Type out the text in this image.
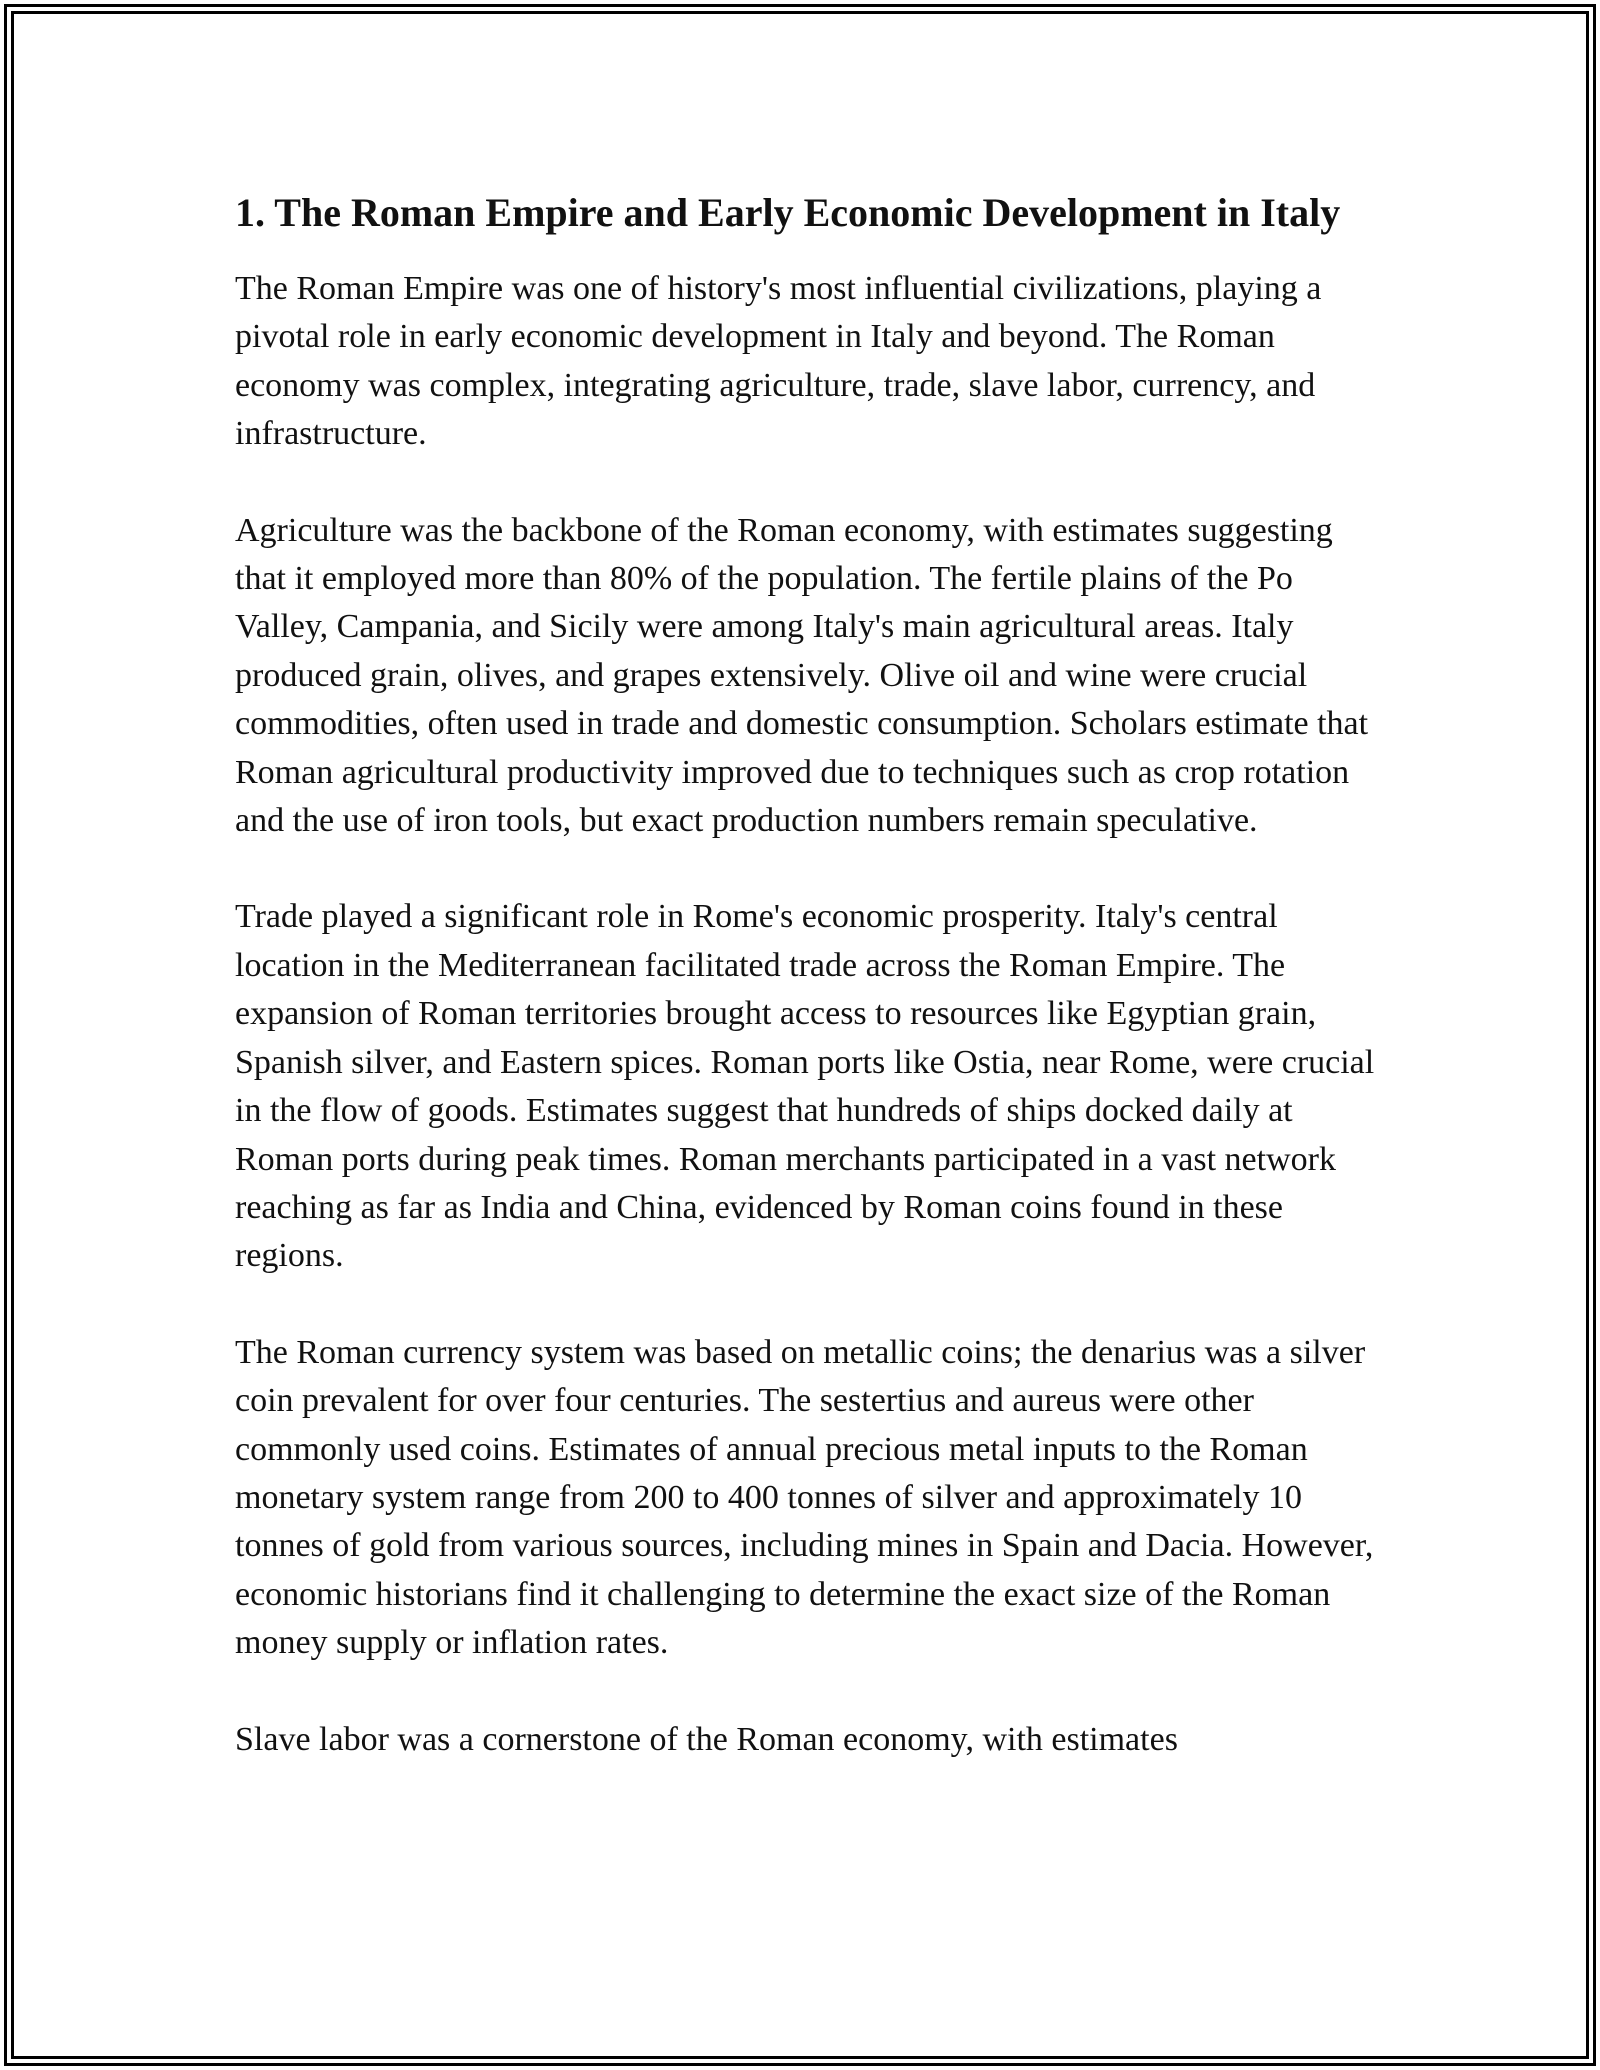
1. The Roman Empire and Early Economic Development in Italy

The Roman Empire was one of history's most influential civilizations, playing a pivotal role in early economic development in Italy and beyond. The Roman economy was complex, integrating agriculture, trade, slave labor, currency, and infrastructure.

Agriculture was the backbone of the Roman economy, with estimates suggesting that it employed more than 80% of the population. The fertile plains of the Po Valley, Campania, and Sicily were among Italy's main agricultural areas. Italy produced grain, olives, and grapes extensively. Olive oil and wine were crucial commodities, often used in trade and domestic consumption. Scholars estimate that Roman agricultural productivity improved due to techniques such as crop rotation and the use of iron tools, but exact production numbers remain speculative.

Trade played a significant role in Rome's economic prosperity. Italy's central location in the Mediterranean facilitated trade across the Roman Empire. The expansion of Roman territories brought access to resources like Egyptian grain, Spanish silver, and Eastern spices. Roman ports like Ostia, near Rome, were crucial in the flow of goods. Estimates suggest that hundreds of ships docked daily at Roman ports during peak times. Roman merchants participated in a vast network reaching as far as India and China, evidenced by Roman coins found in these regions.

The Roman currency system was based on metallic coins; the denarius was a silver coin prevalent for over four centuries. The sestertius and aureus were other commonly used coins. Estimates of annual precious metal inputs to the Roman monetary system range from 200 to 400 tonnes of silver and approximately 10 tonnes of gold from various sources, including mines in Spain and Dacia. However, economic historians find it challenging to determine the exact size of the Roman money supply or inflation rates.

Slave labor was a cornerstone of the Roman economy, with estimates
